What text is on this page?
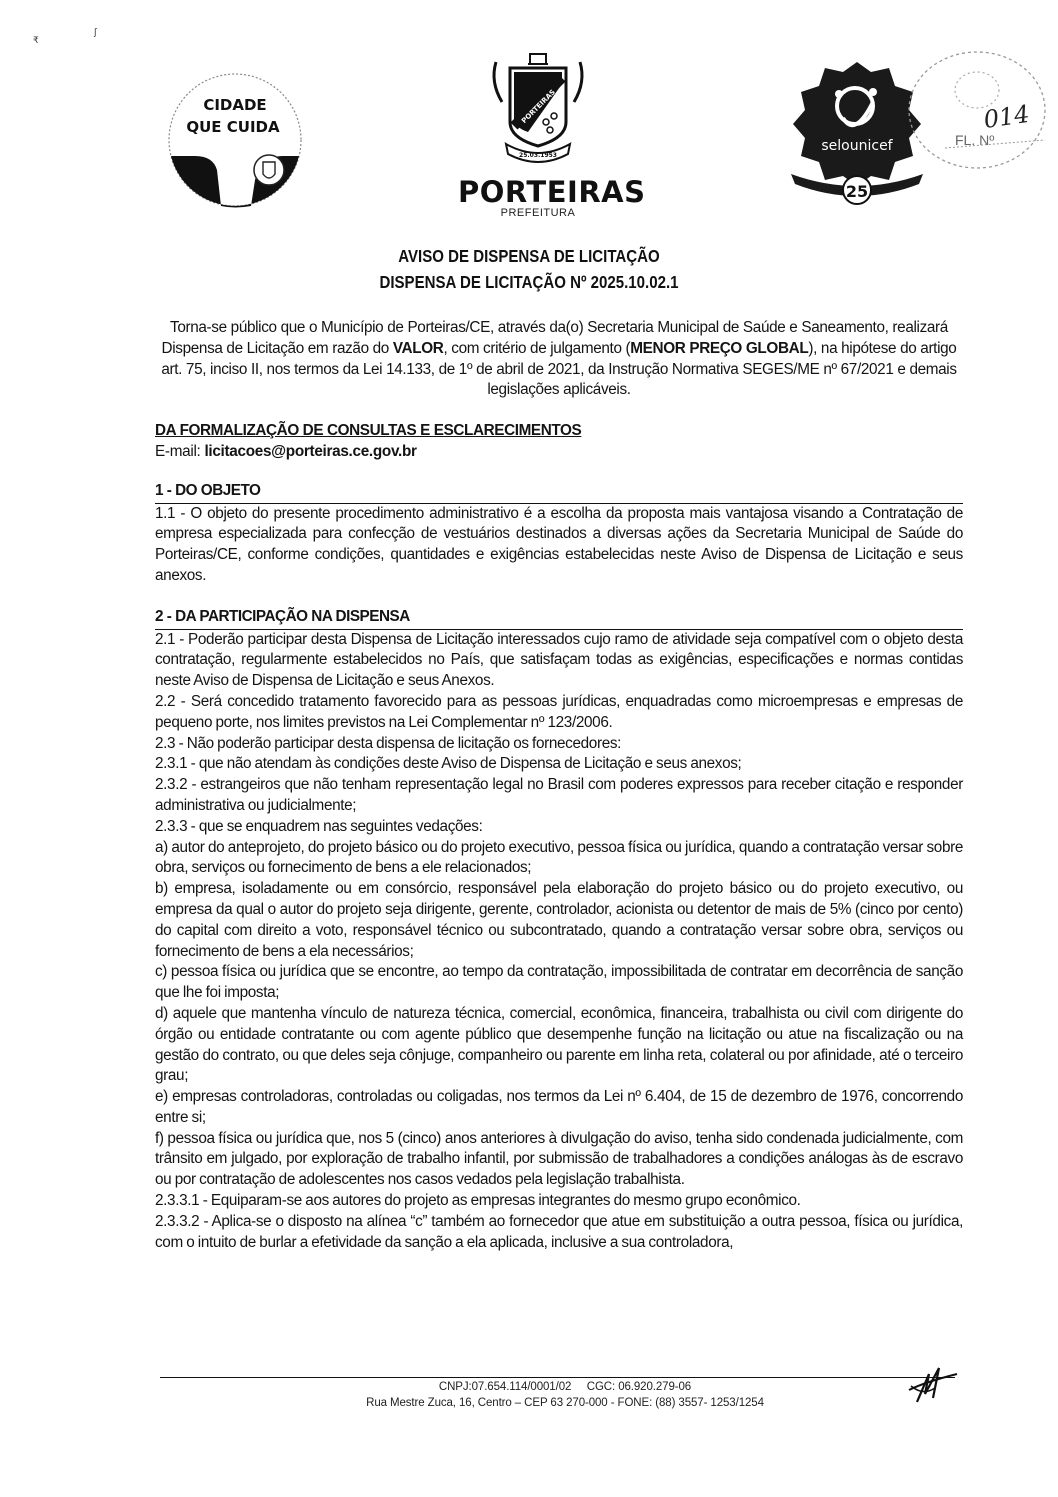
₹
ʃ
CIDADE
QUE CUIDA
PORTEIRAS
25.03.1953
PORTEIRAS
PREFEITURA
selounicef
25
FL. Nº
014
AVISO DE DISPENSA DE LICITAÇÃO
DISPENSA DE LICITAÇÃO Nº 2025.10.02.1

Torna-se público que o Município de Porteiras/CE, através da(o) Secretaria Municipal de Saúde e Saneamento, realizará Dispensa de Licitação em razão do VALOR, com critério de julgamento (MENOR PREÇO GLOBAL), na hipótese do artigo art. 75, inciso II, nos termos da Lei 14.133, de 1º de abril de 2021, da Instrução Normativa SEGES/ME nº 67/2021 e demais legislações aplicáveis.

DA FORMALIZAÇÃO DE CONSULTAS E ESCLARECIMENTOS

E-mail: licitacoes@porteiras.ce.gov.br

1 - DO OBJETO

1.1 - O objeto do presente procedimento administrativo é a escolha da proposta mais vantajosa visando a Contratação de empresa especializada para confecção de vestuários destinados a diversas ações da Secretaria Municipal de Saúde do Porteiras/CE, conforme condições, quantidades e exigências estabelecidas neste Aviso de Dispensa de Licitação e seus anexos.

2 - DA PARTICIPAÇÃO NA DISPENSA

2.1 - Poderão participar desta Dispensa de Licitação interessados cujo ramo de atividade seja compatível com o objeto desta contratação, regularmente estabelecidos no País, que satisfaçam todas as exigências, especificações e normas contidas neste Aviso de Dispensa de Licitação e seus Anexos.

2.2 - Será concedido tratamento favorecido para as pessoas jurídicas, enquadradas como microempresas e empresas de pequeno porte, nos limites previstos na Lei Complementar nº 123/2006.

2.3 - Não poderão participar desta dispensa de licitação os fornecedores:

2.3.1 - que não atendam às condições deste Aviso de Dispensa de Licitação e seus anexos;

2.3.2 - estrangeiros que não tenham representação legal no Brasil com poderes expressos para receber citação e responder administrativa ou judicialmente;

2.3.3 - que se enquadrem nas seguintes vedações:

a) autor do anteprojeto, do projeto básico ou do projeto executivo, pessoa física ou jurídica, quando a contratação versar sobre obra, serviços ou fornecimento de bens a ele relacionados;

b) empresa, isoladamente ou em consórcio, responsável pela elaboração do projeto básico ou do projeto executivo, ou empresa da qual o autor do projeto seja dirigente, gerente, controlador, acionista ou detentor de mais de 5% (cinco por cento) do capital com direito a voto, responsável técnico ou subcontratado, quando a contratação versar sobre obra, serviços ou fornecimento de bens a ela necessários;

c) pessoa física ou jurídica que se encontre, ao tempo da contratação, impossibilitada de contratar em decorrência de sanção que lhe foi imposta;

d) aquele que mantenha vínculo de natureza técnica, comercial, econômica, financeira, trabalhista ou civil com dirigente do órgão ou entidade contratante ou com agente público que desempenhe função na licitação ou atue na fiscalização ou na gestão do contrato, ou que deles seja cônjuge, companheiro ou parente em linha reta, colateral ou por afinidade, até o terceiro grau;

e) empresas controladoras, controladas ou coligadas, nos termos da Lei nº 6.404, de 15 de dezembro de 1976, concorrendo entre si;

f) pessoa física ou jurídica que, nos 5 (cinco) anos anteriores à divulgação do aviso, tenha sido condenada judicialmente, com trânsito em julgado, por exploração de trabalho infantil, por submissão de trabalhadores a condições análogas às de escravo ou por contratação de adolescentes nos casos vedados pela legislação trabalhista.

2.3.3.1 - Equiparam-se aos autores do projeto as empresas integrantes do mesmo grupo econômico.

2.3.3.2 - Aplica-se o disposto na alínea “c” também ao fornecedor que atue em substituição a outra pessoa, física ou jurídica, com o intuito de burlar a efetividade da sanção a ela aplicada, inclusive a sua controladora,

CNPJ:07.654.114/0001/02     CGC: 06.920.279-06
Rua Mestre Zuca, 16, Centro – CEP 63 270-000 - FONE: (88) 3557- 1253/1254
